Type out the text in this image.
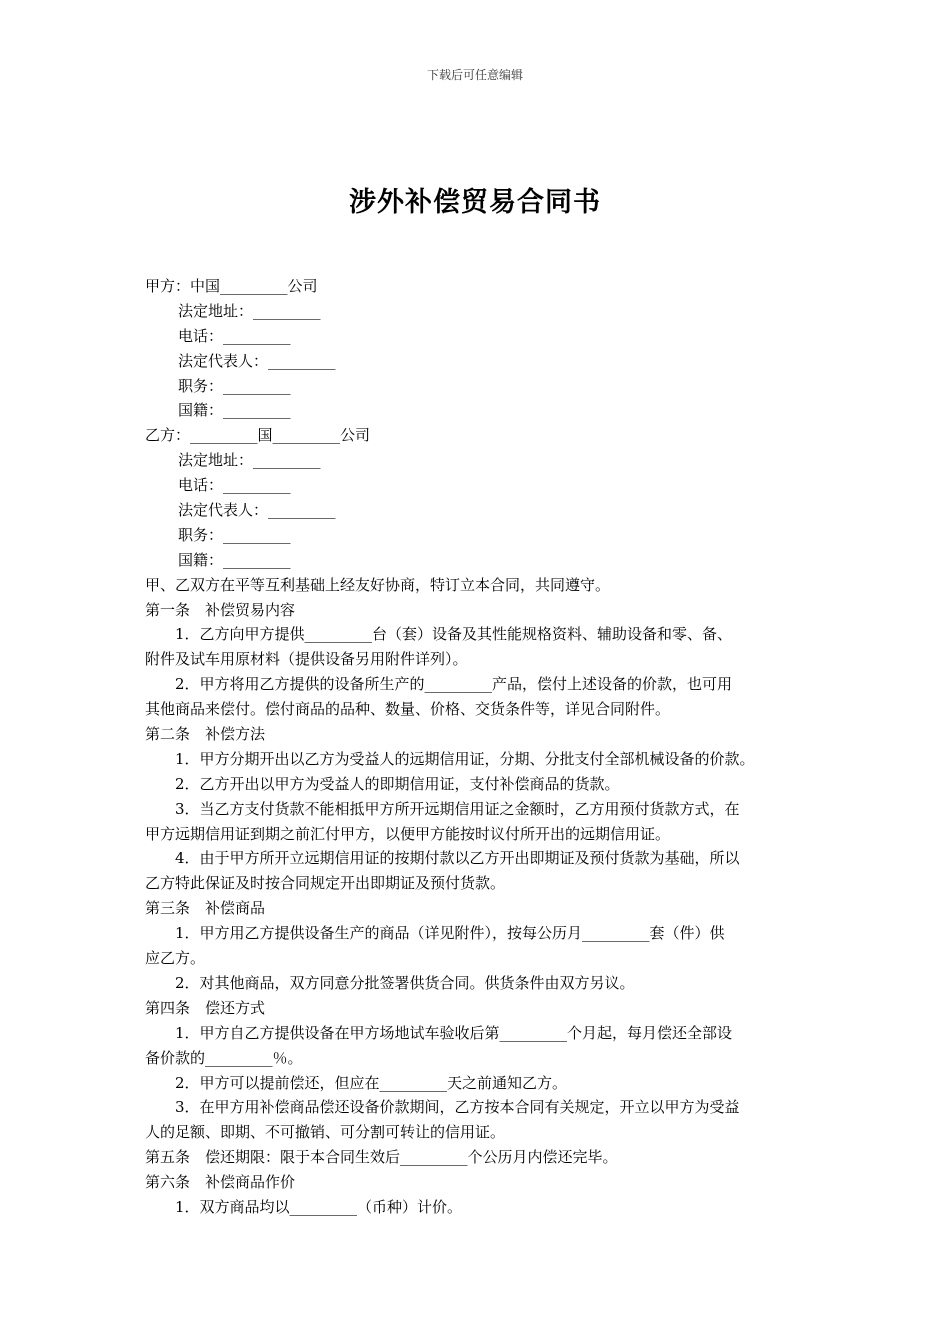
下载后可任意编辑
涉外补偿贸易合同书
甲方：中国_________公司
法定地址：_________
电话：_________
法定代表人：_________
职务：_________
国籍：_________
乙方：_________国_________公司
法定地址：_________
电话：_________
法定代表人：_________
职务：_________
国籍：_________
甲、乙双方在平等互利基础上经友好协商，特订立本合同，共同遵守。
第一条　补偿贸易内容
1．乙方向甲方提供_________台（套）设备及其性能规格资料、辅助设备和零、备、
附件及试车用原材料（提供设备另用附件详列）。
2．甲方将用乙方提供的设备所生产的_________产品，偿付上述设备的价款，也可用
其他商品来偿付。偿付商品的品种、数量、价格、交货条件等，详见合同附件。
第二条　补偿方法
1．甲方分期开出以乙方为受益人的远期信用证，分期、分批支付全部机械设备的价款。
2．乙方开出以甲方为受益人的即期信用证，支付补偿商品的货款。
3．当乙方支付货款不能相抵甲方所开远期信用证之金额时，乙方用预付货款方式，在
甲方远期信用证到期之前汇付甲方，以便甲方能按时议付所开出的远期信用证。
4．由于甲方所开立远期信用证的按期付款以乙方开出即期证及预付货款为基础，所以
乙方特此保证及时按合同规定开出即期证及预付货款。
第三条　补偿商品
1．甲方用乙方提供设备生产的商品（详见附件），按每公历月_________套（件）供
应乙方。
2．对其他商品，双方同意分批签署供货合同。供货条件由双方另议。
第四条　偿还方式
1．甲方自乙方提供设备在甲方场地试车验收后第_________个月起，每月偿还全部设
备价款的_________％。
2．甲方可以提前偿还，但应在_________天之前通知乙方。
3．在甲方用补偿商品偿还设备价款期间，乙方按本合同有关规定，开立以甲方为受益
人的足额、即期、不可撤销、可分割可转让的信用证。
第五条　偿还期限：限于本合同生效后_________个公历月内偿还完毕。
第六条　补偿商品作价
1．双方商品均以_________（币种）计价。
